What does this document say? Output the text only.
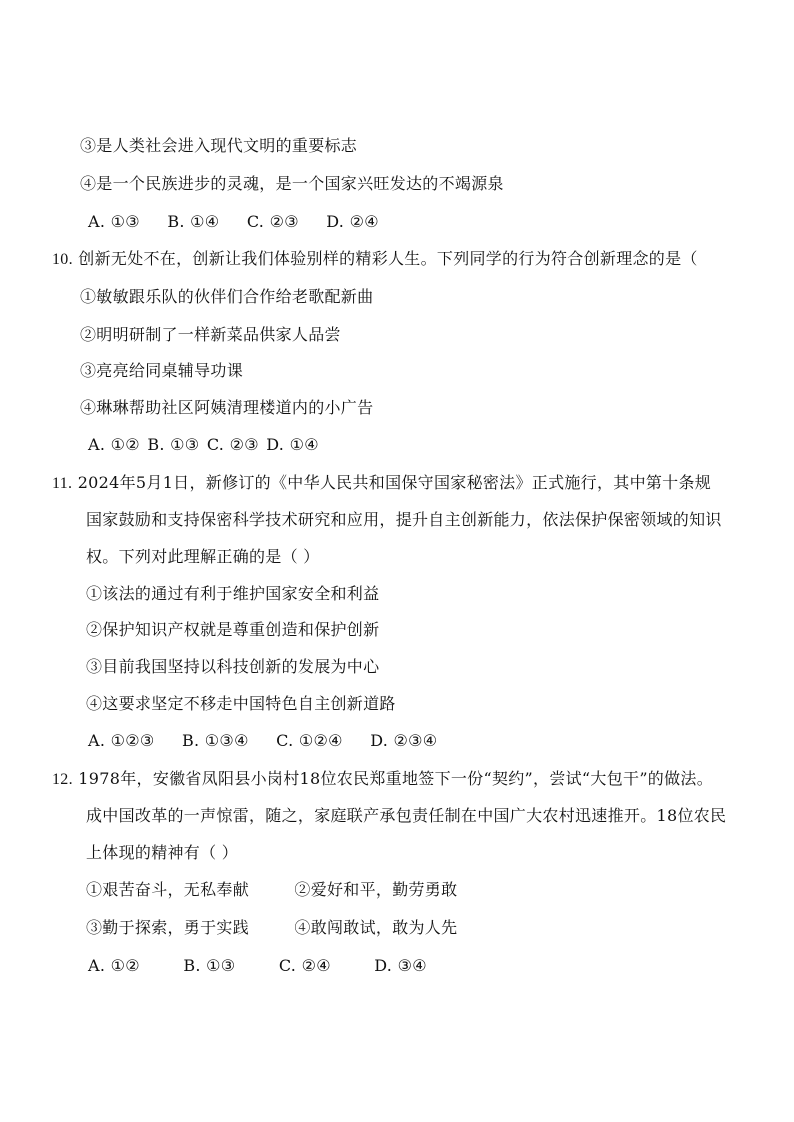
③是人类社会进入现代文明的重要标志
④是一个民族进步的灵魂，是一个国家兴旺发达的不竭源泉
A. ①③ B. ①④ C. ②③ D. ②④
10. 创新无处不在，创新让我们体验别样的精彩人生。下列同学的行为符合创新理念的是（
①敏敏跟乐队的伙伴们合作给老歌配新曲
②明明研制了一样新菜品供家人品尝
③亮亮给同桌辅导功课
④琳琳帮助社区阿姨清理楼道内的小广告
A. ①② B. ①③ C. ②③ D. ①④
11. 2024年5月1日，新修订的《中华人民共和国保守国家秘密法》正式施行，其中第十条规
国家鼓励和支持保密科学技术研究和应用，提升自主创新能力，依法保护保密领域的知识
权。下列对此理解正确的是（ ）
①该法的通过有利于维护国家安全和利益
②保护知识产权就是尊重创造和保护创新
③目前我国坚持以科技创新的发展为中心
④这要求坚定不移走中国特色自主创新道路
A. ①②③ B. ①③④ C. ①②④ D. ②③④
12. 1978年，安徽省凤阳县小岗村18位农民郑重地签下一份“契约”，尝试“大包干”的做法。
成中国改革的一声惊雷，随之，家庭联产承包责任制在中国广大农村迅速推开。18位农民
上体现的精神有（ ）
①艰苦奋斗，无私奉献	②爱好和平，勤劳勇敢
③勤于探索，勇于实践	④敢闯敢试，敢为人先
A. ①②	B. ①③	C. ②④	D. ③④
